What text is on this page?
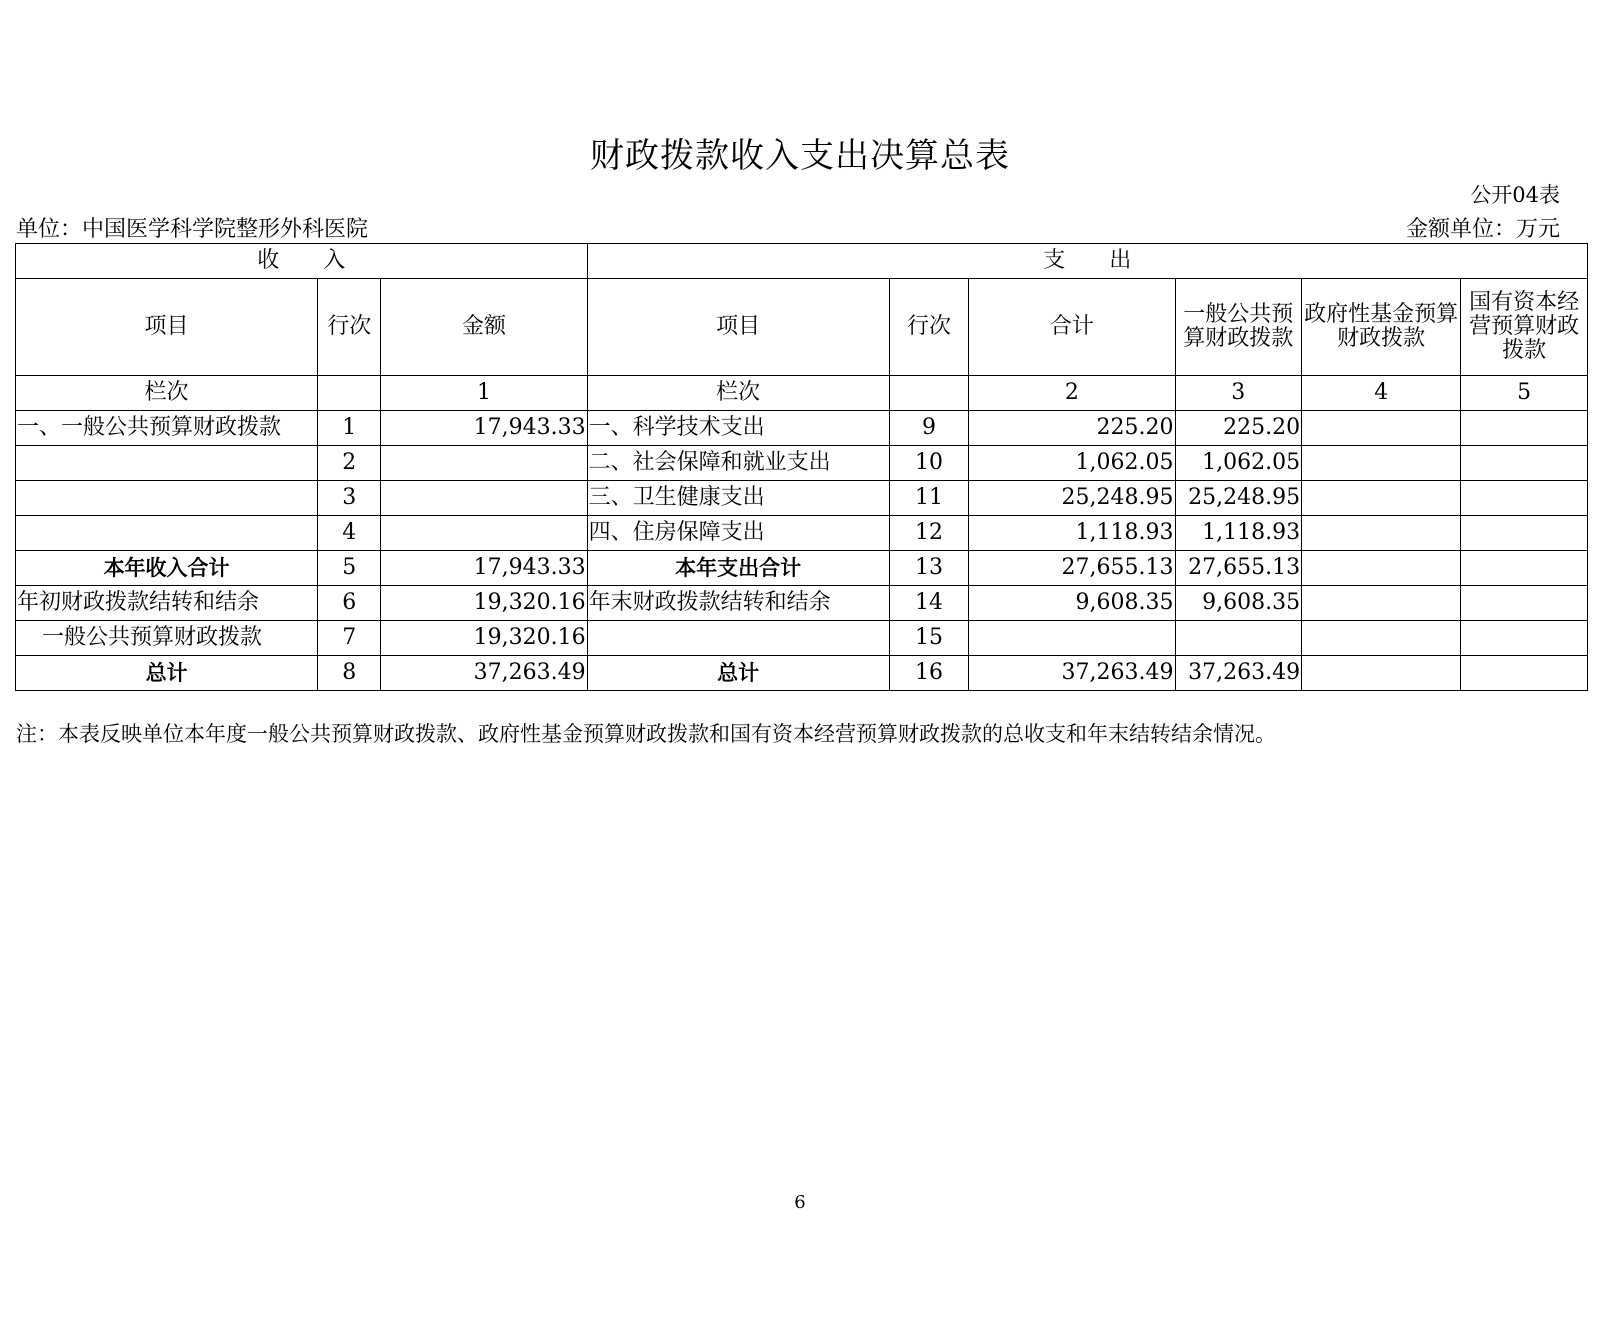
财政拨款收入支出决算总表
公开04表
单位：中国医学科学院整形外科医院	金额单位：万元
收　　入			支　　出					
项目	行次	金额	项目	行次	合计	一般公共预算财政拨款	政府性基金预算财政拨款	国有资本经营预算财政拨款
栏次		1	栏次		2	3	4	5
一、一般公共预算财政拨款	1	17,943.33	一、科学技术支出	9	225.20	225.20		
	2		二、社会保障和就业支出	10	1,062.05	1,062.05		
	3		三、卫生健康支出	11	25,248.95	25,248.95		
	4		四、住房保障支出	12	1,118.93	1,118.93		
本年收入合计	5	17,943.33	本年支出合计	13	27,655.13	27,655.13		
年初财政拨款结转和结余	6	19,320.16	年末财政拨款结转和结余	14	9,608.35	9,608.35		
一般公共预算财政拨款	7	19,320.16		15				
总计	8	37,263.49	总计	16	37,263.49	37,263.49		
注：本表反映单位本年度一般公共预算财政拨款、政府性基金预算财政拨款和国有资本经营预算财政拨款的总收支和年末结转结余情况。
6
